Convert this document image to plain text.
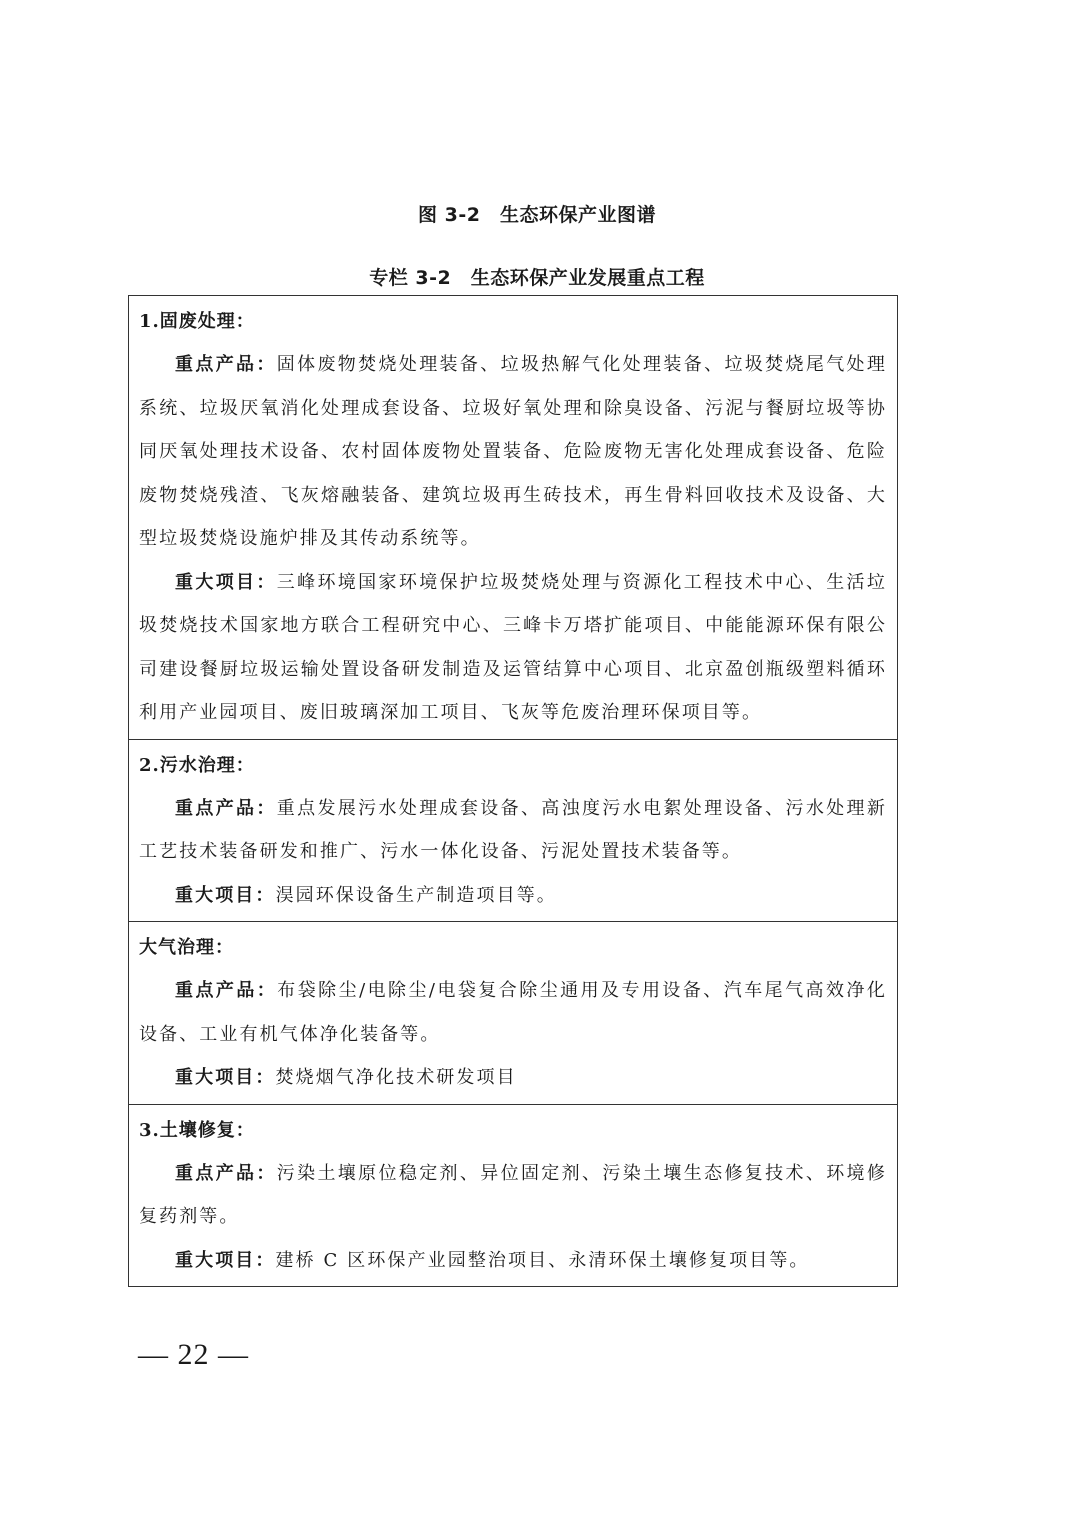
图 3-2　生态环保产业图谱
专栏 3-2　生态环保产业发展重点工程
1.固废处理：

重点产品：固体废物焚烧处理装备、垃圾热解气化处理装备、垃圾焚烧尾气处理系统、垃圾厌氧消化处理成套设备、垃圾好氧处理和除臭设备、污泥与餐厨垃圾等协同厌氧处理技术设备、农村固体废物处置装备、危险废物无害化处理成套设备、危险废物焚烧残渣、飞灰熔融装备、建筑垃圾再生砖技术，再生骨料回收技术及设备、大型垃圾焚烧设施炉排及其传动系统等。

重大项目：三峰环境国家环境保护垃圾焚烧处理与资源化工程技术中心、生活垃圾焚烧技术国家地方联合工程研究中心、三峰卡万塔扩能项目、中能能源环保有限公司建设餐厨垃圾运输处置设备研发制造及运管结算中心项目、北京盈创瓶级塑料循环利用产业园项目、废旧玻璃深加工项目、飞灰等危废治理环保项目等。

2.污水治理：

重点产品：重点发展污水处理成套设备、高浊度污水电絮处理设备、污水处理新工艺技术装备研发和推广、污水一体化设备、污泥处置技术装备等。

重大项目：淏园环保设备生产制造项目等。

大气治理：

重点产品：布袋除尘/电除尘/电袋复合除尘通用及专用设备、汽车尾气高效净化设备、工业有机气体净化装备等。

重大项目：焚烧烟气净化技术研发项目

3.土壤修复：

重点产品：污染土壤原位稳定剂、异位固定剂、污染土壤生态修复技术、环境修复药剂等。

重大项目：建桥 C 区环保产业园整治项目、永清环保土壤修复项目等。

— 22 —
